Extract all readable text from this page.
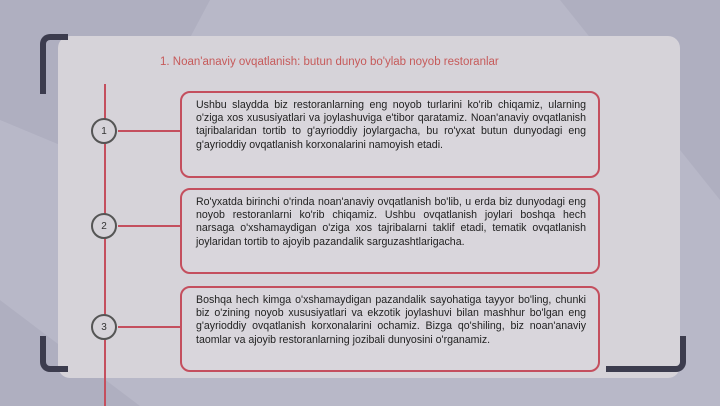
1. Noan'anaviy ovqatlanish: butun dunyo bo'ylab noyob restoranlar
1
Ushbu slaydda biz restoranlarning eng noyob turlarini ko'rib chiqamiz, ularning o'ziga xos xususiyatlari va joylashuviga e'tibor qaratamiz. Noan'anaviy ovqatlanish tajribalaridan tortib to g'ayrioddiy joylargacha, bu ro'yxat butun dunyodagi eng g'ayrioddiy ovqatlanish korxonalarini namoyish etadi.
2
Ro'yxatda birinchi o'rinda noan'anaviy ovqatlanish bo'lib, u erda biz dunyodagi eng noyob restoranlarni ko'rib chiqamiz. Ushbu ovqatlanish joylari boshqa hech narsaga o'xshamaydigan o'ziga xos tajribalarni taklif etadi, tematik ovqatlanish joylaridan tortib to ajoyib pazandalik sarguzashtlarigacha.
3
Boshqa hech kimga o'xshamaydigan pazandalik sayohatiga tayyor bo'ling, chunki biz o'zining noyob xususiyatlari va ekzotik joylashuvi bilan mashhur bo'lgan eng g'ayrioddiy ovqatlanish korxonalarini ochamiz. Bizga qo'shiling, biz noan'anaviy taomlar va ajoyib restoranlarning jozibali dunyosini o'rganamiz.
